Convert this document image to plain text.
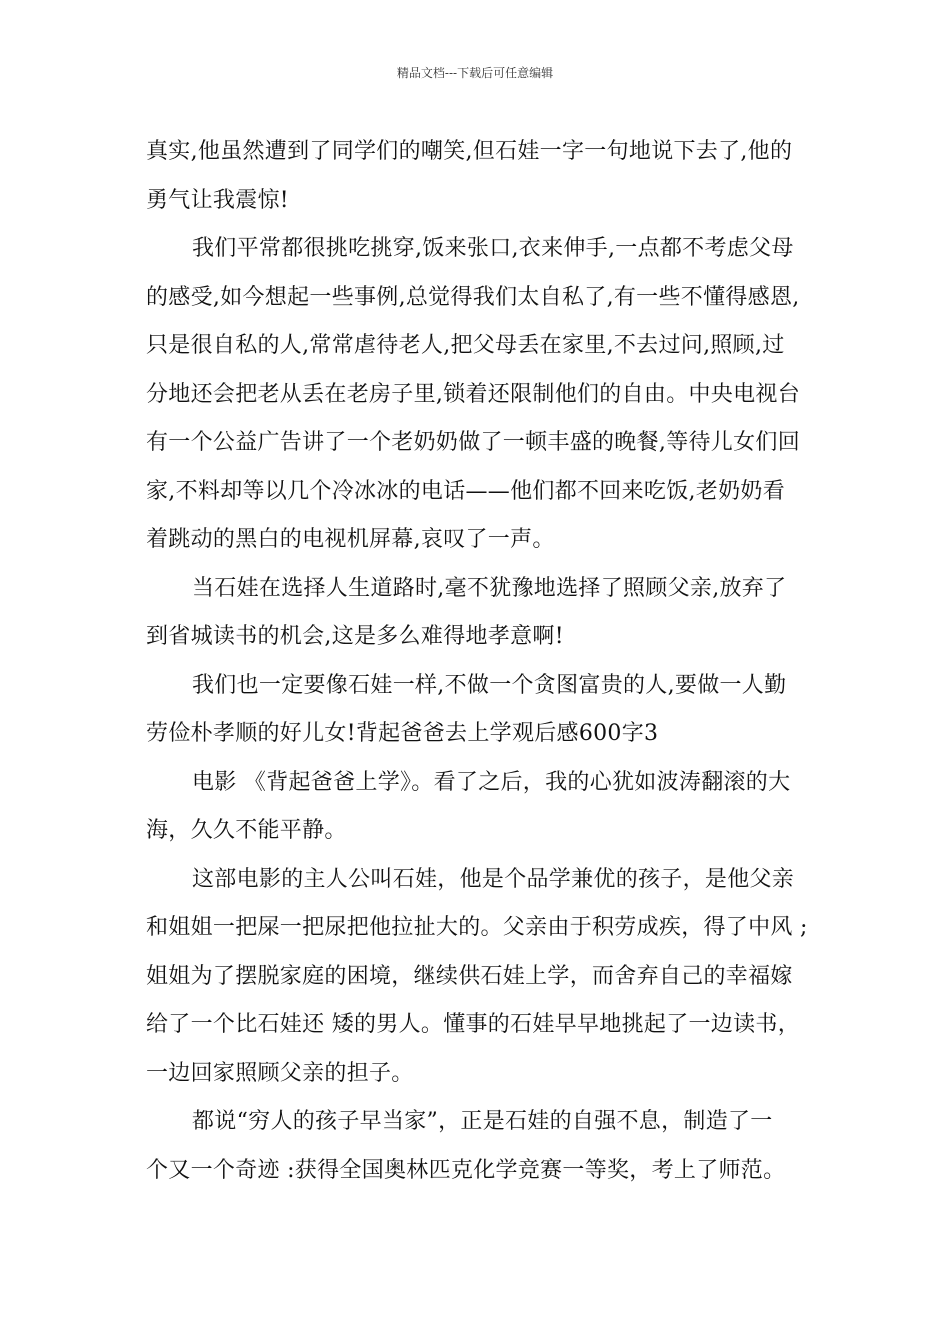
精品文档---下载后可任意编辑
真实,他虽然遭到了同学们的嘲笑,但石娃一字一句地说下去了,他的
勇气让我震惊!
我们平常都很挑吃挑穿,饭来张口,衣来伸手,一点都不考虑父母
的感受,如今想起一些事例,总觉得我们太自私了,有一些不懂得感恩,
只是很自私的人,常常虐待老人,把父母丢在家里,不去过问,照顾,过
分地还会把老从丢在老房子里,锁着还限制他们的自由。中央电视台
有一个公益广告讲了一个老奶奶做了一顿丰盛的晚餐,等待儿女们回
家,不料却等以几个冷冰冰的电话——他们都不回来吃饭,老奶奶看
着跳动的黑白的电视机屏幕,哀叹了一声。
当石娃在选择人生道路时,毫不犹豫地选择了照顾父亲,放弃了
到省城读书的机会,这是多么难得地孝意啊!
我们也一定要像石娃一样,不做一个贪图富贵的人,要做一人勤
劳俭朴孝顺的好儿女!背起爸爸去上学观后感600字3
电影 《背起爸爸上学》。看了之后，我的心犹如波涛翻滚的大
海，久久不能平静。
这部电影的主人公叫石娃，他是个品学兼优的孩子，是他父亲
和姐姐一把屎一把尿把他拉扯大的。父亲由于积劳成疾，得了中风 ;
姐姐为了摆脱家庭的困境，继续供石娃上学，而舍弃自己的幸福嫁
给了一个比石娃还 矮的男人。懂事的石娃早早地挑起了一边读书，
一边回家照顾父亲的担子。
都说“穷人的孩子早当家”，正是石娃的自强不息，制造了一
个又一个奇迹 :获得全国奥林匹克化学竞赛一等奖，考上了师范。
